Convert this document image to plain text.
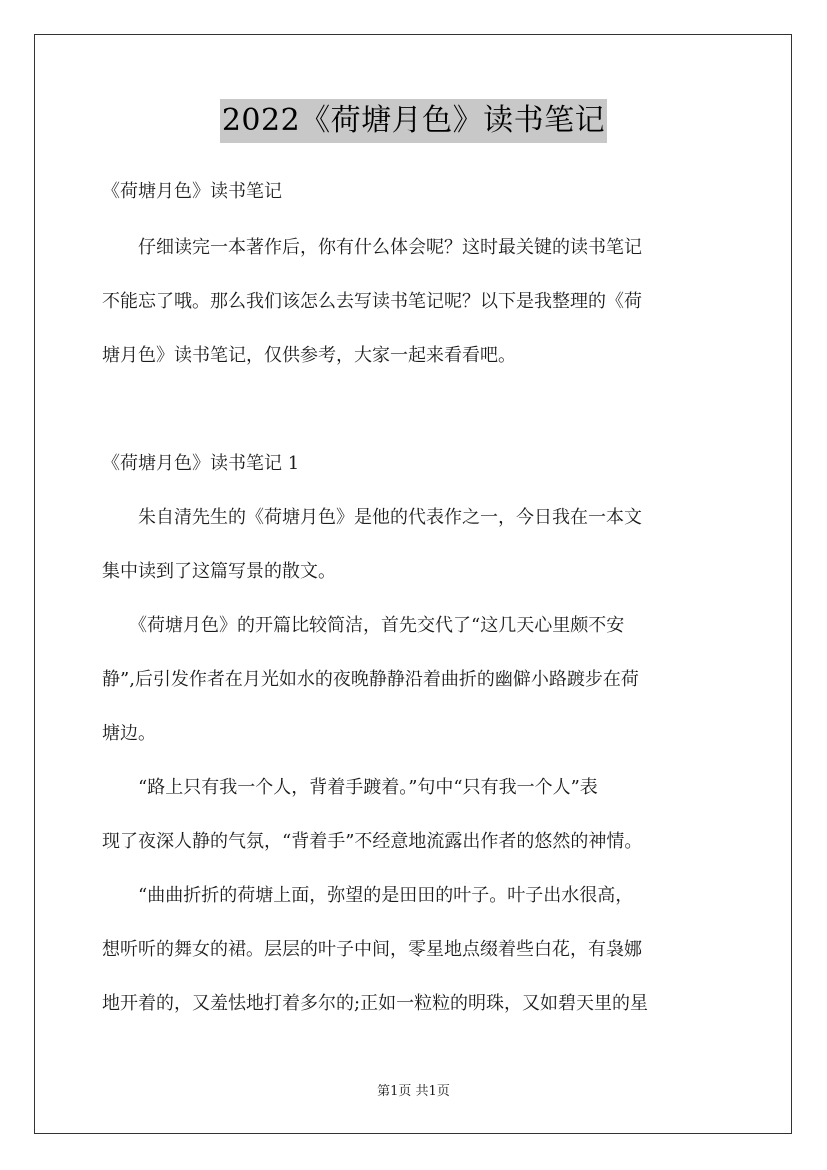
2022《荷塘月色》读书笔记
《荷塘月色》读书笔记
　　仔细读完一本著作后，你有什么体会呢？这时最关键的读书笔记
不能忘了哦。那么我们该怎么去写读书笔记呢？以下是我整理的《荷
塘月色》读书笔记，仅供参考，大家一起来看看吧。
《荷塘月色》读书笔记 1
　　朱自清先生的《荷塘月色》是他的代表作之一，今日我在一本文
集中读到了这篇写景的散文。
　　《荷塘月色》的开篇比较简洁，首先交代了“这几天心里颇不安
静”,后引发作者在月光如水的夜晚静静沿着曲折的幽僻小路踱步在荷
塘边。
　　“路上只有我一个人，背着手踱着。”句中“只有我一个人”表
现了夜深人静的气氛，“背着手”不经意地流露出作者的悠然的神情。
　　“曲曲折折的荷塘上面，弥望的是田田的叶子。叶子出水很高，
想听听的舞女的裙。层层的叶子中间，零星地点缀着些白花，有袅娜
地开着的，又羞怯地打着多尔的;正如一粒粒的明珠，又如碧天里的星
第1页 共1页
